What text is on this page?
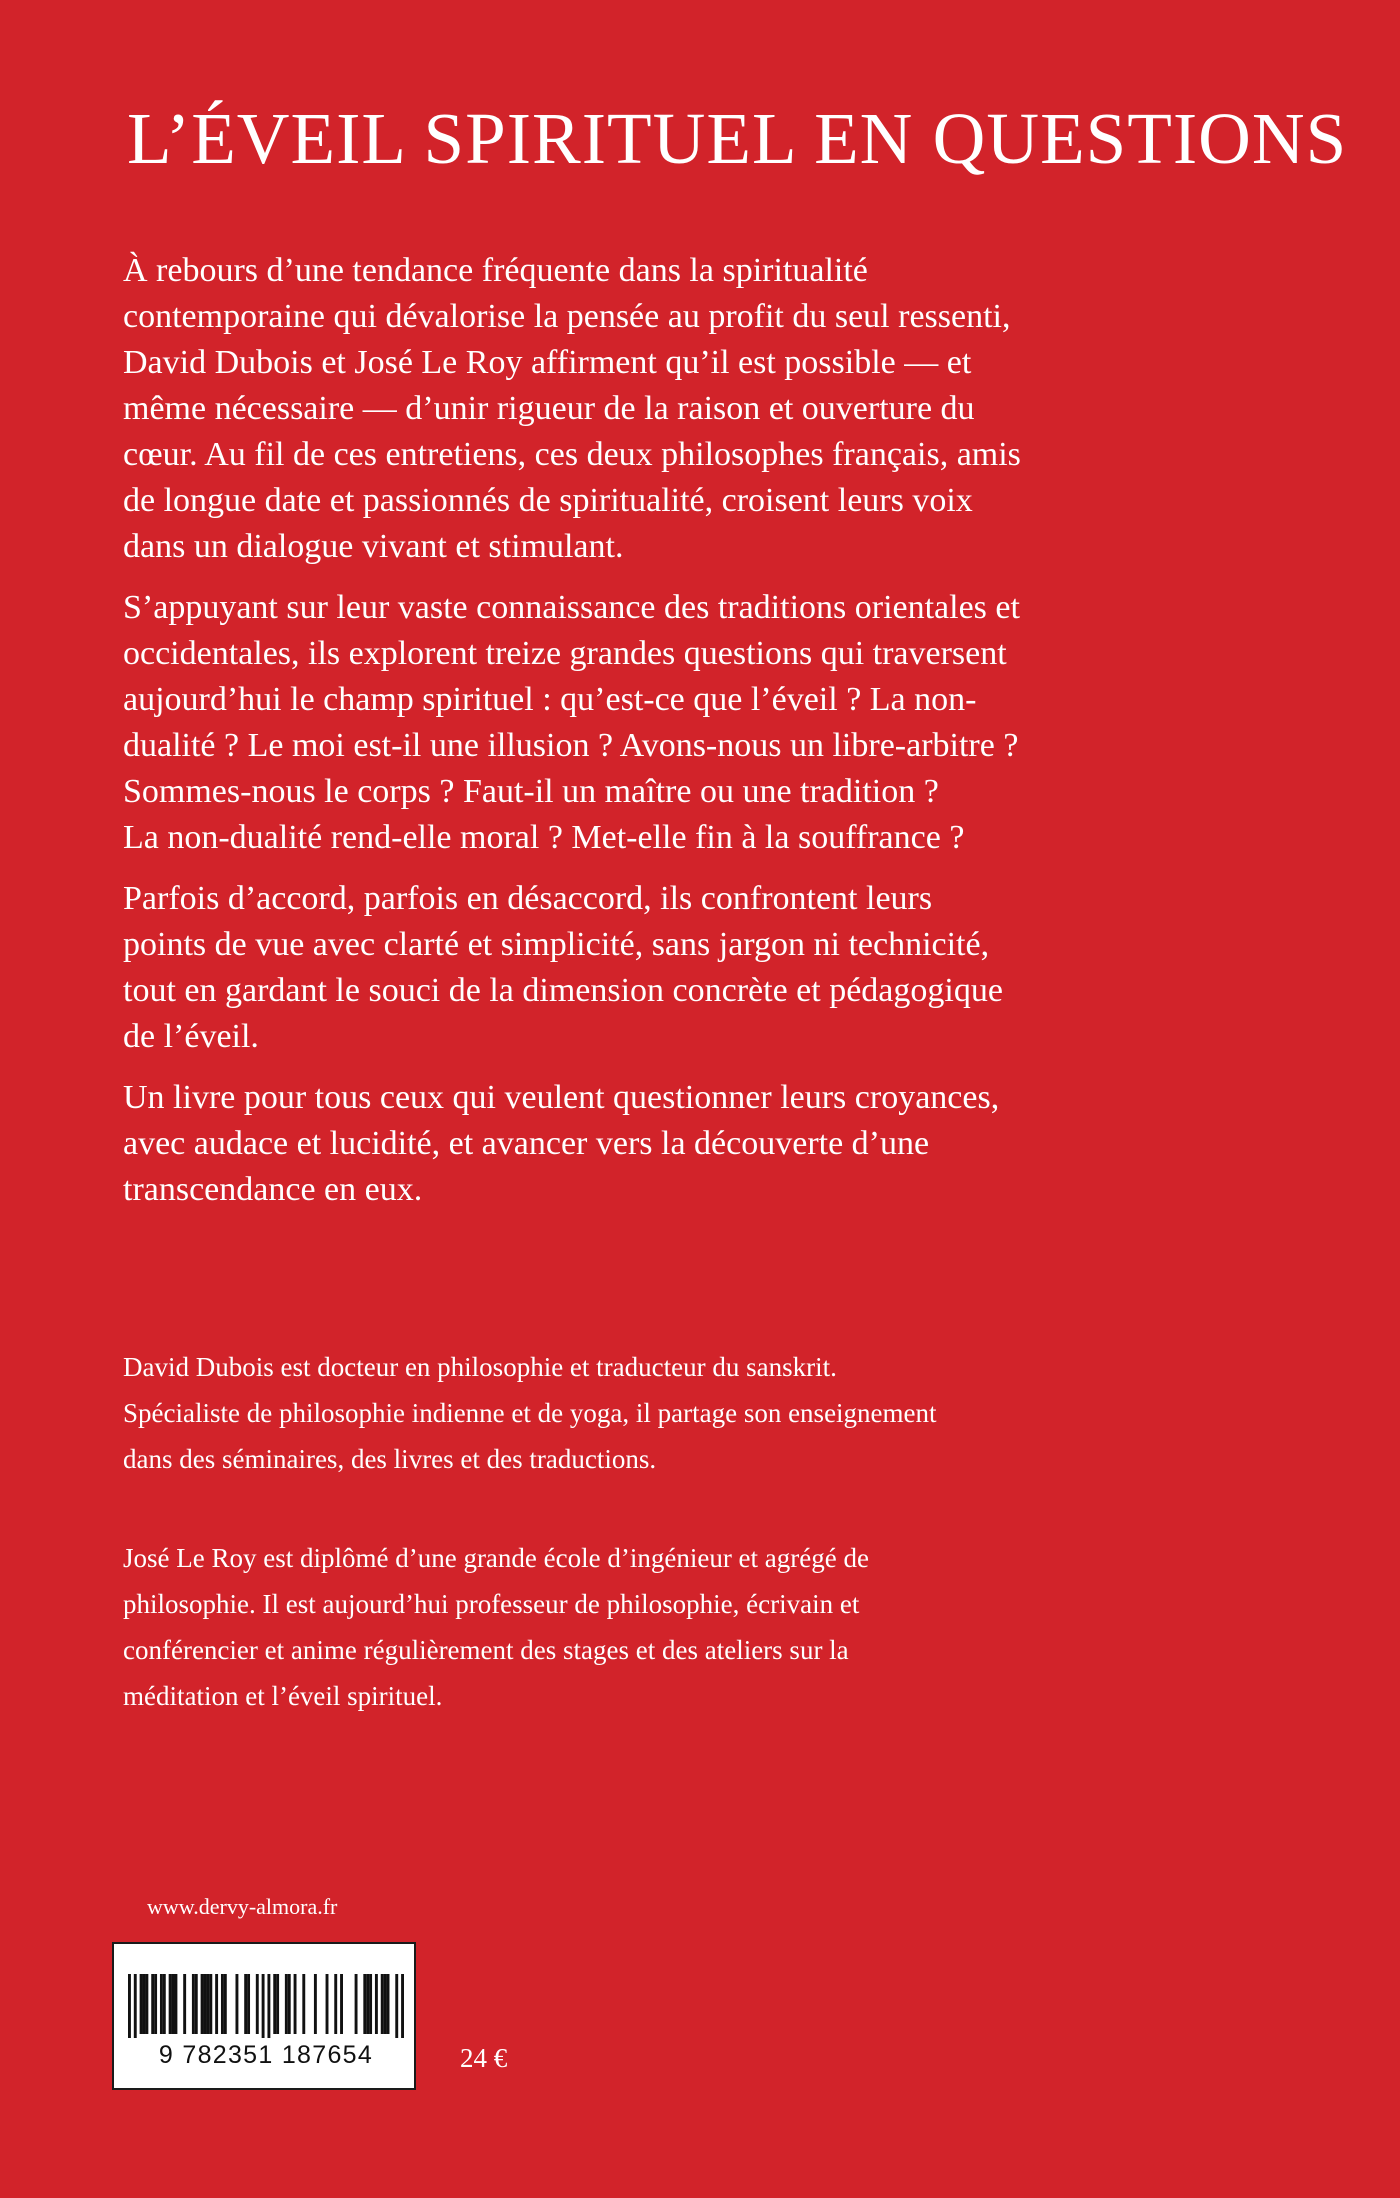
L’ÉVEIL SPIRITUEL EN QUESTIONS

À rebours d’une tendance fréquente dans la spiritualité
contemporaine qui dévalorise la pensée au profit du seul ressenti,
David Dubois et José Le Roy affirment qu’il est possible — et
même nécessaire — d’unir rigueur de la raison et ouverture du
cœur. Au fil de ces entretiens, ces deux philosophes français, amis
de longue date et passionnés de spiritualité, croisent leurs voix
dans un dialogue vivant et stimulant.

S’appuyant sur leur vaste connaissance des traditions orientales et
occidentales, ils explorent treize grandes questions qui traversent
aujourd’hui le champ spirituel : qu’est-ce que l’éveil ? La non-
dualité ? Le moi est-il une illusion ? Avons-nous un libre-arbitre ?
Sommes-nous le corps ? Faut-il un maître ou une tradition ?
La non-dualité rend-elle moral ? Met-elle fin à la souffrance ?

Parfois d’accord, parfois en désaccord, ils confrontent leurs
points de vue avec clarté et simplicité, sans jargon ni technicité,
tout en gardant le souci de la dimension concrète et pédagogique
de l’éveil.

Un livre pour tous ceux qui veulent questionner leurs croyances,
avec audace et lucidité, et avancer vers la découverte d’une
transcendance en eux.

David Dubois est docteur en philosophie et traducteur du sanskrit.
Spécialiste de philosophie indienne et de yoga, il partage son enseignement
dans des séminaires, des livres et des traductions.

José Le Roy est diplômé d’une grande école d’ingénieur et agrégé de
philosophie. Il est aujourd’hui professeur de philosophie, écrivain et
conférencier et anime régulièrement des stages et des ateliers sur la
méditation et l’éveil spirituel.

www.dervy-almora.fr

9 782351 187654	24 €
